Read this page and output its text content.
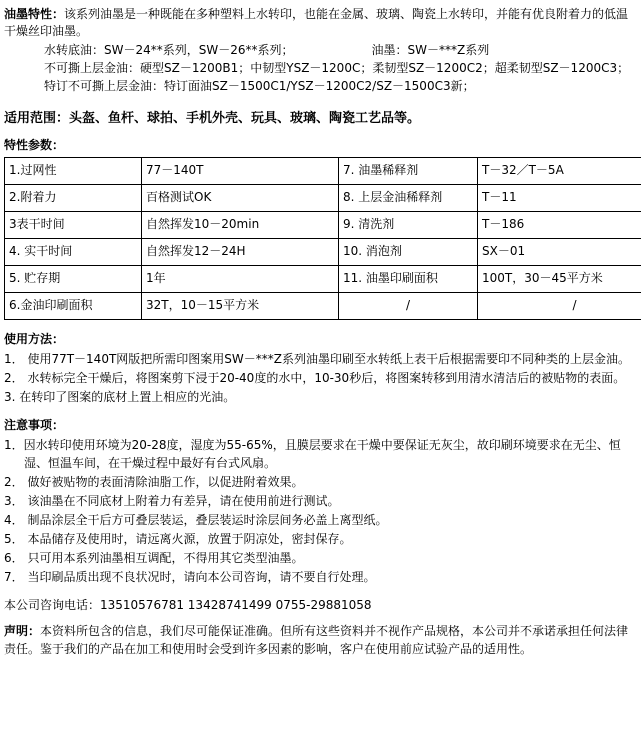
油墨特性：该系列油墨是一种既能在多种塑料上水转印，也能在金属、玻璃、陶瓷上水转印，并能有优良附着力的低温干燥丝印油墨。
水转底油：SW－24**系列，SW－26**系列；　　　　　　　油墨：SW－***Z系列
不可撕上层金油：硬型SZ－1200B1；中韧型YSZ－1200C；柔韧型SZ－1200C2；超柔韧型SZ－1200C3；
特订不可撕上层金油：特订面油SZ－1500C1/YSZ－1200C2/SZ－1500C3新；
适用范围：头盔、鱼杆、球拍、手机外壳、玩具、玻璃、陶瓷工艺品等。
特性参数：
1.过网性	77－140T	7. 油墨稀释剂	T－32／T－5A
2.附着力	百格测试OK	8. 上层金油稀释剂	T－11
3表干时间	自然挥发10－20min	9. 清洗剂	T－186
4. 实干时间	自然挥发12－24H	10. 消泡剂	SX－01
5. 贮存期	1年	11. 油墨印刷面积	100T，30－45平方米
6.金油印刷面积	32T，10－15平方米	/	/
使用方法：
1． 使用77T－140T网版把所需印图案用SW－***Z系列油墨印刷至水转纸上表干后根据需要印不同种类的上层金油。
2． 水转标完全干燥后，将图案剪下浸于20-40度的水中，10-30秒后，将图案转移到用清水清洁后的被贴物的表面。
3. 在转印了图案的底材上置上相应的光油。
注意事项：
1．因水转印使用环境为20-28度，湿度为55-65%，且膜层要求在干燥中要保证无灰尘，故印刷环境要求在无尘、恒湿、恒温车间，在干燥过程中最好有台式风扇。
2． 做好被贴物的表面清除油脂工作，以促进附着效果。
3． 该油墨在不同底材上附着力有差异，请在使用前进行测试。
4． 制品涂层全干后方可叠层装运，叠层装运时涂层间务必盖上离型纸。
5． 本品储存及使用时，请远离火源，放置于阴凉处，密封保存。
6． 只可用本系列油墨相互调配，不得用其它类型油墨。
7． 当印刷品质出现不良状况时，请向本公司咨询，请不要自行处理。
本公司咨询电话：13510576781 13428741499 0755-29881058
声明：本资料所包含的信息，我们尽可能保证准确。但所有这些资料并不视作产品规格，本公司并不承诺承担任何法律责任。鉴于我们的产品在加工和使用时会受到许多因素的影响，客户在使用前应试验产品的适用性。
